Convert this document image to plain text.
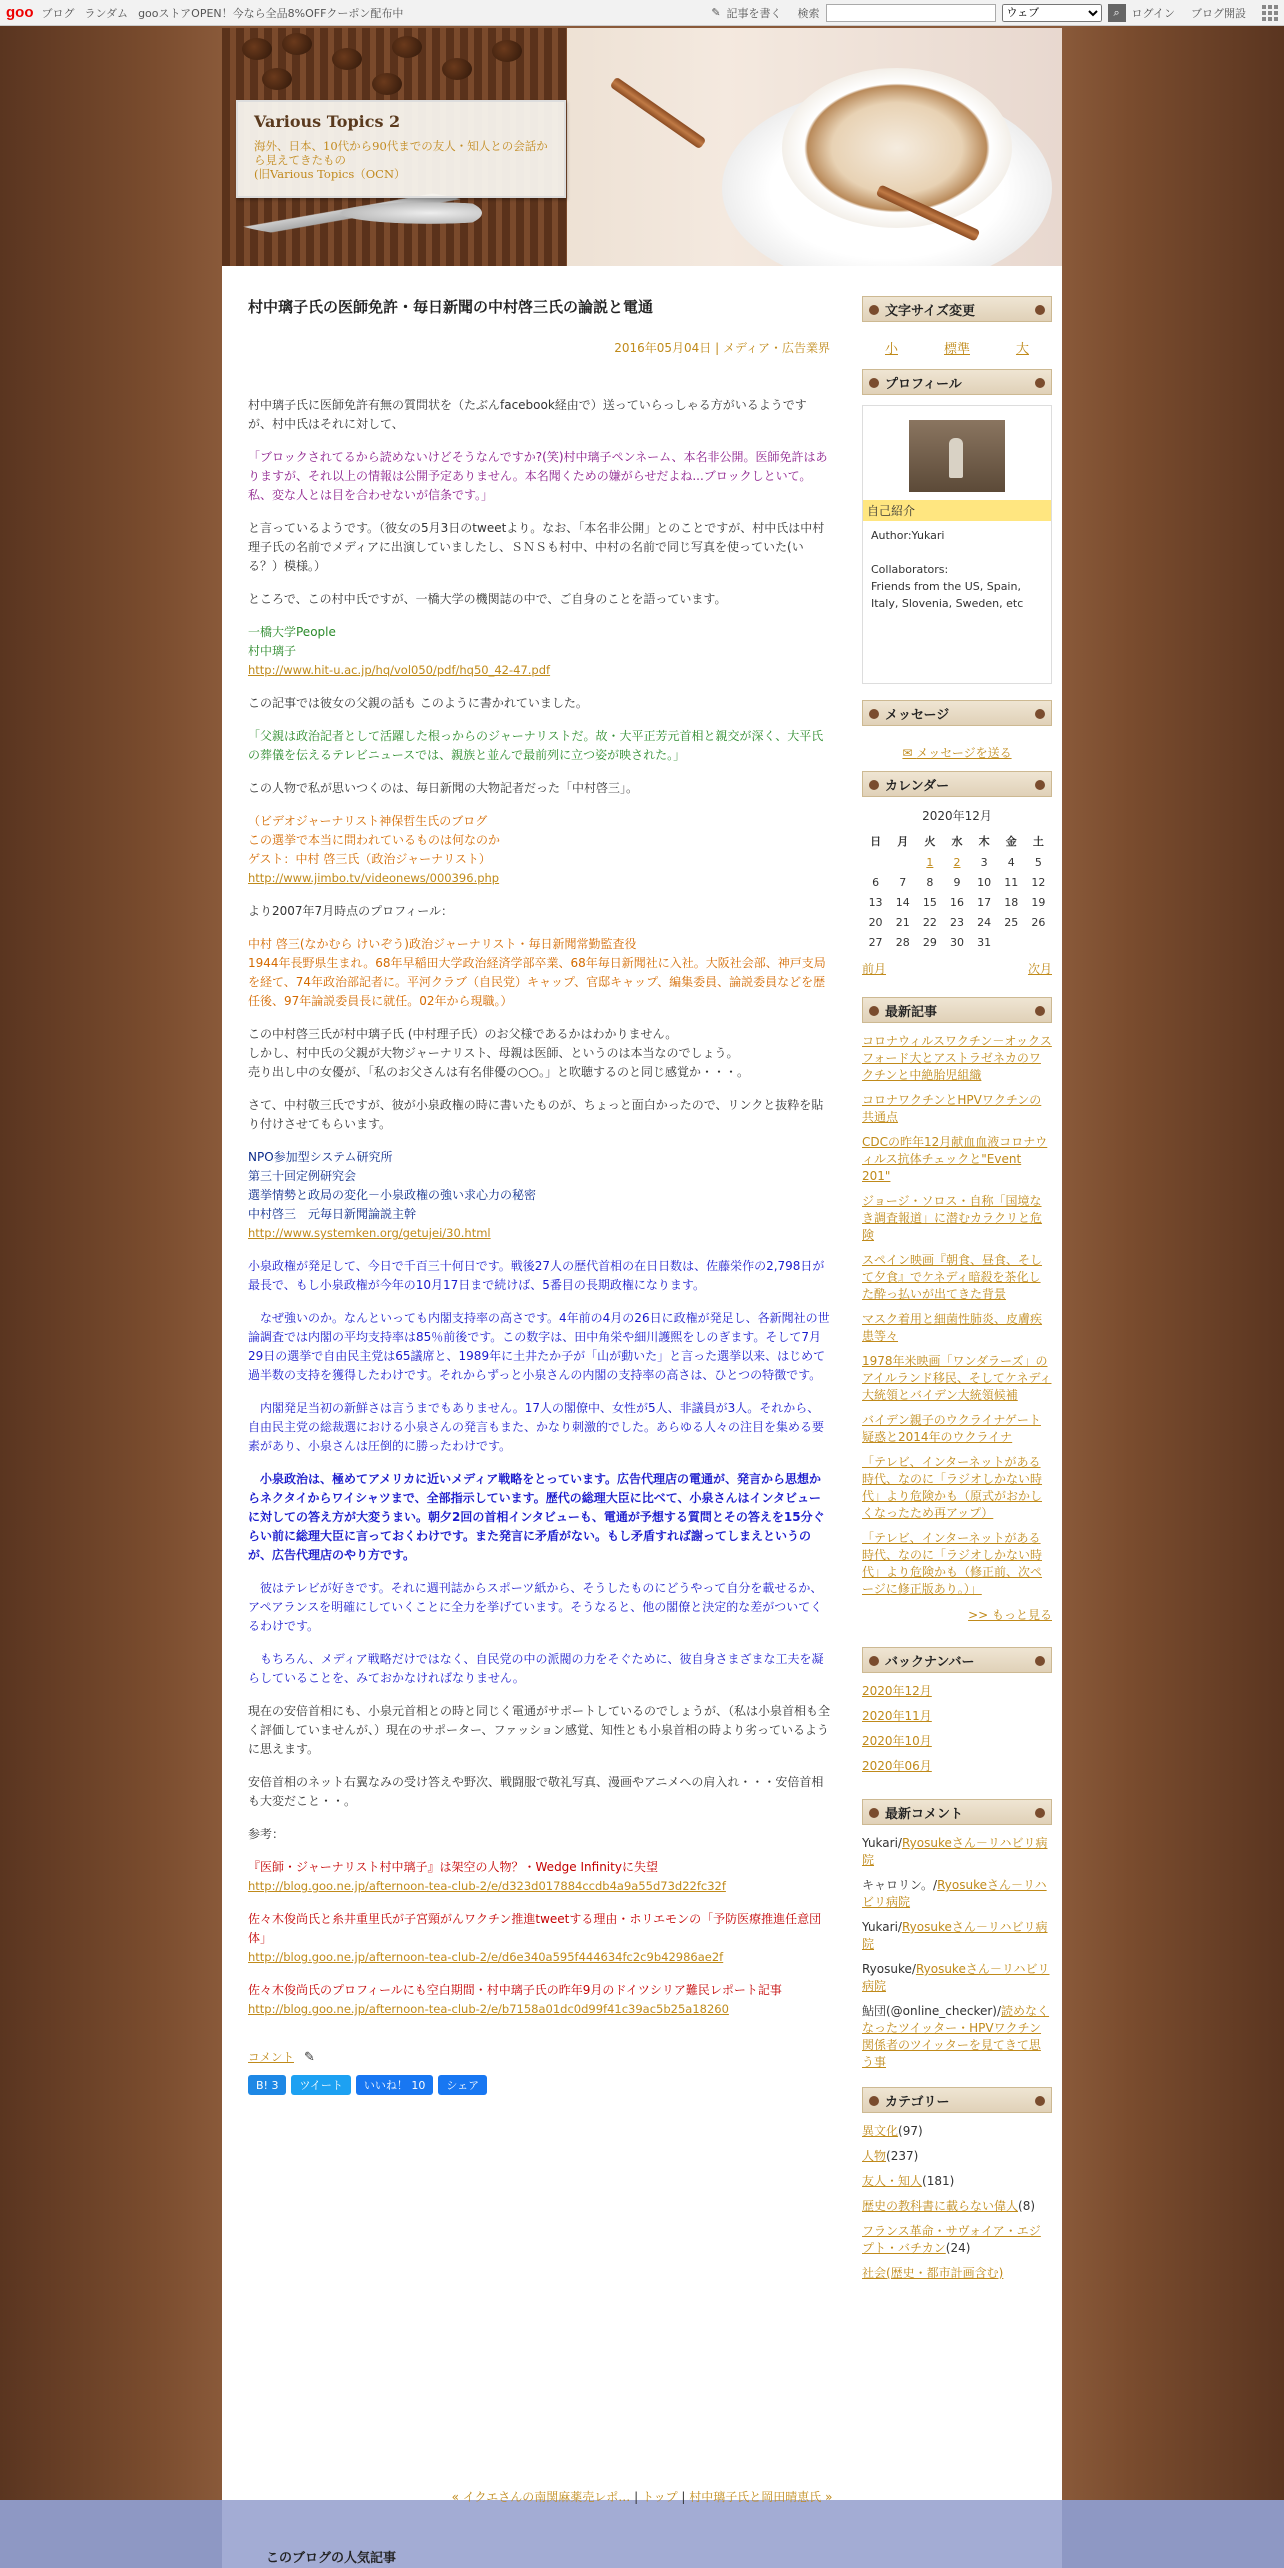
goo ブログ ランダム gooストアOPEN！今なら全品8%OFFクーポン配布中	✎ 記事を書く 検索
ウェブ	⌕ ログイン ブログ開設
Various Topics 2
海外、日本、10代から90代までの友人・知人との会話から見えてきたもの
(旧Various Topics（OCN）
村中璃子氏の医師免許・毎日新聞の中村啓三氏の論説と電通
2016年05月04日 | メディア・広告業界

村中璃子氏に医師免許有無の質問状を（たぶんfacebook経由で）送っていらっしゃる方がいるようですが、村中氏はそれに対して、

「ブロックされてるから読めないけどそうなんですか?(笑)村中璃子ペンネーム、本名非公開。医師免許はありますが、それ以上の情報は公開予定ありません。本名聞くための嫌がらせだよね...ブロックしといて。私、変な人とは目を合わせないが信条です。」

と言っているようです。（彼女の5月3日のtweetより。なお、「本名非公開」とのことですが、村中氏は中村理子氏の名前でメディアに出演していましたし、ＳＮＳも村中、中村の名前で同じ写真を使っていた(いる？）模様。）

ところで、この村中氏ですが、一橋大学の機関誌の中で、ご自身のことを語っています。

一橋大学People
村中璃子
http://www.hit-u.ac.jp/hq/vol050/pdf/hq50_42-47.pdf

この記事では彼女の父親の話も このように書かれていました。

「父親は政治記者として活躍した根っからのジャーナリストだ。故・大平正芳元首相と親交が深く、大平氏の葬儀を伝えるテレビニュースでは、親族と並んで最前列に立つ姿が映された。」

この人物で私が思いつくのは、毎日新聞の大物記者だった「中村啓三」。

（ビデオジャーナリスト神保哲生氏のブログ
この選挙で本当に問われているものは何なのか
ゲスト：中村 啓三氏（政治ジャーナリスト）
http://www.jimbo.tv/videonews/000396.php

より2007年7月時点のプロフィール：

中村 啓三(なかむら けいぞう)政治ジャーナリスト・毎日新聞常勤監査役
1944年長野県生まれ。68年早稲田大学政治経済学部卒業、68年毎日新聞社に入社。大阪社会部、神戸支局を経て、74年政治部記者に。平河クラブ（自民党）キャップ、官邸キャップ、編集委員、論説委員などを歴任後、97年論説委員長に就任。02年から現職。）

この中村啓三氏が村中璃子氏 (中村理子氏）のお父様であるかはわかりません。
しかし、村中氏の父親が大物ジャーナリスト、母親は医師、というのは本当なのでしょう。
売り出し中の女優が、「私のお父さんは有名俳優の○○。」と吹聴するのと同じ感覚か・・・。

さて、中村敬三氏ですが、彼が小泉政権の時に書いたものが、ちょっと面白かったので、リンクと抜粋を貼り付けさせてもらいます。

NPO参加型システム研究所
第三十回定例研究会
選挙情勢と政局の変化－小泉政権の強い求心力の秘密
中村啓三　元毎日新聞論説主幹
http://www.systemken.org/getujei/30.html

小泉政権が発足して、今日で千百三十何日です。戦後27人の歴代首相の在日日数は、佐藤栄作の2,798日が最長で、もし小泉政権が今年の10月17日まで続けば、5番目の長期政権になります。

　なぜ強いのか。なんといっても内閣支持率の高さです。4年前の4月の26日に政権が発足し、各新聞社の世論調査では内閣の平均支持率は85％前後です。この数字は、田中角栄や細川護煕をしのぎます。そして7月29日の選挙で自由民主党は65議席と、1989年に土井たか子が「山が動いた」と言った選挙以来、はじめて過半数の支持を獲得したわけです。それからずっと小泉さんの内閣の支持率の高さは、ひとつの特徴です。

　内閣発足当初の新鮮さは言うまでもありません。17人の閣僚中、女性が5人、非議員が3人。それから、自由民主党の総裁選における小泉さんの発言もまた、かなり刺激的でした。あらゆる人々の注目を集める要素があり、小泉さんは圧倒的に勝ったわけです。

　小泉政治は、極めてアメリカに近いメディア戦略をとっています。広告代理店の電通が、発言から思想からネクタイからワイシャツまで、全部指示しています。歴代の総理大臣に比べて、小泉さんはインタビューに対しての答え方が大変うまい。朝夕2回の首相インタビューも、電通が予想する質問とその答えを15分ぐらい前に総理大臣に言っておくわけです。また発言に矛盾がない。もし矛盾すれば謝ってしまえというのが、広告代理店のやり方です。

　彼はテレビが好きです。それに週刊誌からスポーツ紙から、そうしたものにどうやって自分を載せるか、アペアランスを明確にしていくことに全力を挙げています。そうなると、他の閣僚と決定的な差がついてくるわけです。

　もちろん、メディア戦略だけではなく、自民党の中の派閥の力をそぐために、彼自身さまざまな工夫を凝らしていることを、みておかなければなりません。

現在の安倍首相にも、小泉元首相との時と同じく電通がサポートしているのでしょうが、（私は小泉首相も全く評価していませんが、）現在のサポーター、ファッション感覚、知性とも小泉首相の時より劣っているように思えます。

安倍首相のネット右翼なみの受け答えや野次、戦闘服で敬礼写真、漫画やアニメへの肩入れ・・・安倍首相も大変だこと・・。

参考：

『医師・ジャーナリスト村中璃子』は架空の人物？・Wedge Infinityに失望
http://blog.goo.ne.jp/afternoon-tea-club-2/e/d323d017884ccdb4a9a55d73d22fc32f
佐々木俊尚氏と糸井重里氏が子宮頸がんワクチン推進tweetする理由・ホリエモンの「予防医療推進任意団体」
http://blog.goo.ne.jp/afternoon-tea-club-2/e/d6e340a595f444634fc2c9b42986ae2f
佐々木俊尚氏のプロフィールにも空白期間・村中璃子氏の昨年9月のドイツシリア難民レポート記事
http://blog.goo.ne.jp/afternoon-tea-club-2/e/b7158a01dc0d99f41c39ac5b25a18260
コメント ✎
B! 3	ツイート	いいね！ 10	シェア
文字サイズ変更
小	標準	大
プロフィール
自己紹介
Author:Yukari

Collaborators:
Friends from the US, Spain, Italy, Slovenia, Sweden, etc
メッセージ
✉ メッセージを送る
カレンダー
2020年12月
日	月	火	水	木	金	土
		1	2	3	4	5
6	7	8	9	10	11	12
13	14	15	16	17	18	19
20	21	22	23	24	25	26
27	28	29	30	31		
前月	次月
最新記事
コロナウィルスワクチン－オックスフォード大とアストラゼネカのワクチンと中絶胎児組織
コロナワクチンとHPVワクチンの共通点
CDCの昨年12月献血血液コロナウィルス抗体チェックと"Event 201"
ジョージ・ソロス・自称「国境なき調査報道」に潜むカラクリと危険
スペイン映画『朝食、昼食、そして夕食』でケネディ暗殺を茶化した酔っ払いが出てきた背景
マスク着用と細菌性肺炎、皮膚疾患等々
1978年米映画「ワンダラーズ」のアイルランド移民、そしてケネディ大統領とバイデン大統領候補
バイデン親子のウクライナゲート疑惑と2014年のウクライナ
「テレビ、インターネットがある時代、なのに「ラジオしかない時代」より危険かも（原式がおかしくなったため再アップ）
「テレビ、インターネットがある時代、なのに「ラジオしかない時代」より危険かも（修正前、次ページに修正版あり。）」
>> もっと見る
バックナンバー
2020年12月
2020年11月
2020年10月
2020年06月
最新コメント
Yukari/Ryosukeさん－リハビリ病院
キャロリン。/Ryosukeさん－リハビリ病院
Yukari/Ryosukeさん－リハビリ病院
Ryosuke/Ryosukeさん－リハビリ病院
鮎団(@online_checker)/読めなくなったツイッター・HPVワクチン関係者のツイッターを見てきて思う事
カテゴリー
異文化(97)
人物(237)
友人・知人(181)
歴史の教科書に載らない偉人(8)
フランス革命・サヴォイア・エジプト・バチカン(24)
社会(歴史・都市計画含む)
« イクエさんの南関麻薬売レポ… | トップ | 村中璃子氏と岡田晴恵氏 »
このブログの人気記事
